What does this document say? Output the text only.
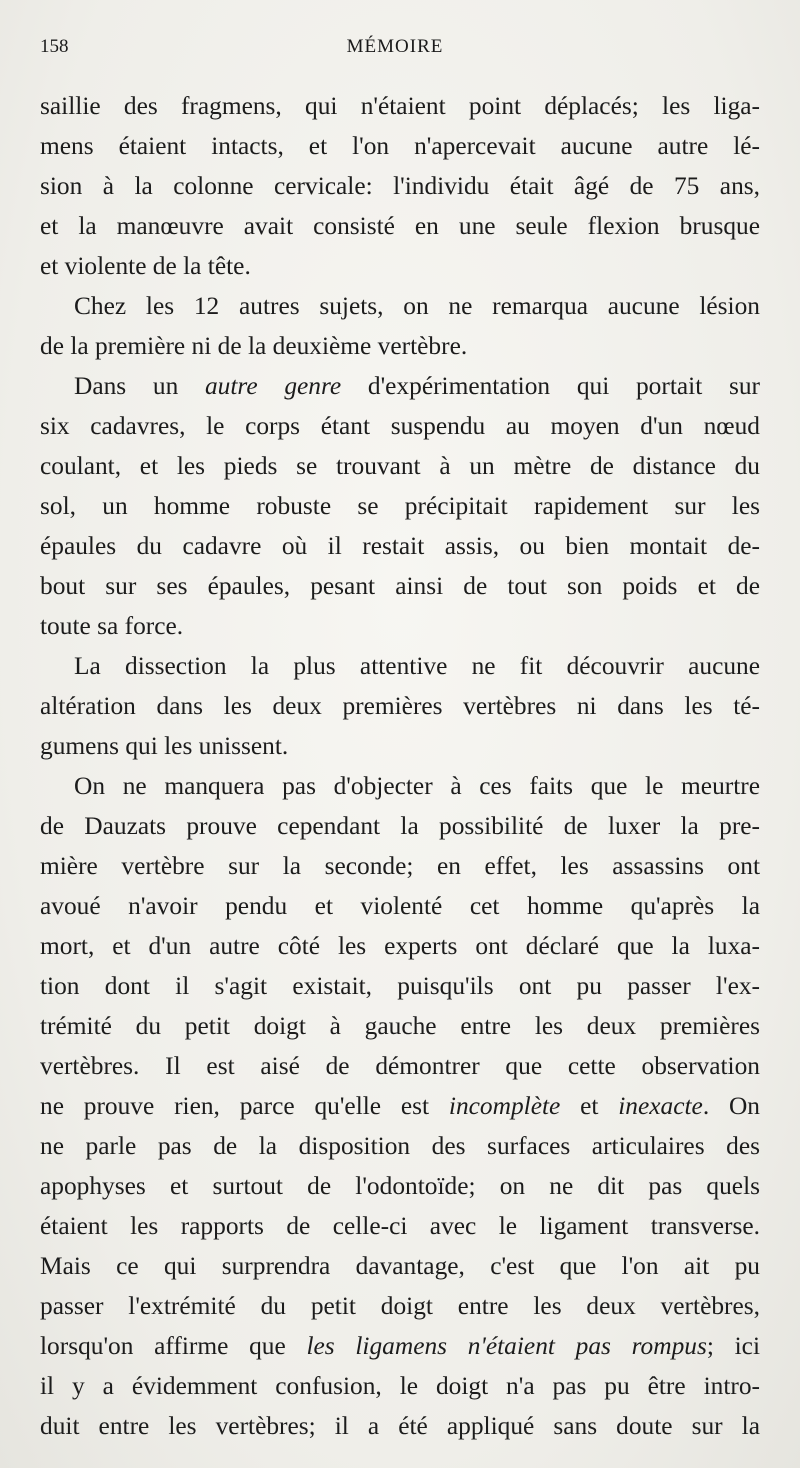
158	MÉMOIRE
saillie des fragmens, qui n'étaient point déplacés; les liga-
mens étaient intacts, et l'on n'apercevait aucune autre lé-
sion à la colonne cervicale: l'individu était âgé de 75 ans,
et la manœuvre avait consisté en une seule flexion brusque
et violente de la tête.
Chez les 12 autres sujets, on ne remarqua aucune lésion
de la première ni de la deuxième vertèbre.
Dans un autre genre d'expérimentation qui portait sur
six cadavres, le corps étant suspendu au moyen d'un nœud
coulant, et les pieds se trouvant à un mètre de distance du
sol, un homme robuste se précipitait rapidement sur les
épaules du cadavre où il restait assis, ou bien montait de-
bout sur ses épaules, pesant ainsi de tout son poids et de
toute sa force.
La dissection la plus attentive ne fit découvrir aucune
altération dans les deux premières vertèbres ni dans les té-
gumens qui les unissent.
On ne manquera pas d'objecter à ces faits que le meurtre
de Dauzats prouve cependant la possibilité de luxer la pre-
mière vertèbre sur la seconde; en effet, les assassins ont
avoué n'avoir pendu et violenté cet homme qu'après la
mort, et d'un autre côté les experts ont déclaré que la luxa-
tion dont il s'agit existait, puisqu'ils ont pu passer l'ex-
trémité du petit doigt à gauche entre les deux premières
vertèbres. Il est aisé de démontrer que cette observation
ne prouve rien, parce qu'elle est incomplète et inexacte. On
ne parle pas de la disposition des surfaces articulaires des
apophyses et surtout de l'odontoïde; on ne dit pas quels
étaient les rapports de celle-ci avec le ligament transverse.
Mais ce qui surprendra davantage, c'est que l'on ait pu
passer l'extrémité du petit doigt entre les deux vertèbres,
lorsqu'on affirme que les ligamens n'étaient pas rompus; ici
il y a évidemment confusion, le doigt n'a pas pu être intro-
duit entre les vertèbres; il a été appliqué sans doute sur la
